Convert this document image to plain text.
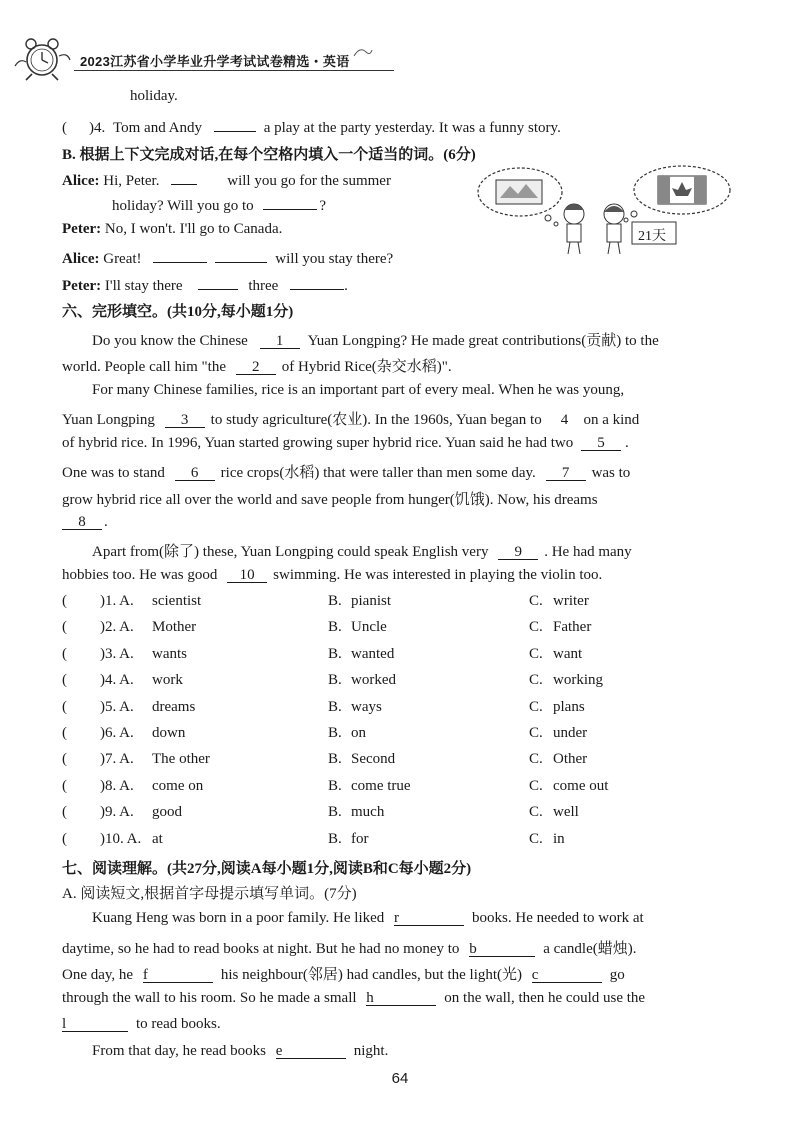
2023江苏省小学毕业升学考试试卷精选・英语
holiday.
( )4. Tom and Andy	a play at the party yesterday. It was a funny story.
B. 根据上下文完成对话,在每个空格内填入一个适当的词。(6分)
Alice: Hi, Peter.	will you go for the summer
holiday? Will you go to	?
Peter: No, I won't. I'll go to Canada.
Alice: Great!	will you stay there?
Peter: I'll stay there	three	.
21天
六、完形填空。(共10分,每小题1分)
Do you know the Chinese 1 Yuan Longping? He made great contributions(贡献) to the
world. People call him "the 2 of Hybrid Rice(杂交水稻)".
For many Chinese families, rice is an important part of every meal. When he was young,
Yuan Longping 3 to study agriculture(农业). In the 1960s, Yuan began to 4 on a kind
of hybrid rice. In 1996, Yuan started growing super hybrid rice. Yuan said he had two 5 .
One was to stand 6 rice crops(水稻) that were taller than men some day. 7 was to
grow hybrid rice all over the world and save people from hunger(饥饿). Now, his dreams
8 .
Apart from(除了) these, Yuan Longping could speak English very 9 . He had many
hobbies too. He was good 10 swimming. He was interested in playing the violin too.
( )1. A. scientist	B. pianist	C. writer
( )2. A. Mother	B. Uncle	C. Father
( )3. A. wants	B. wanted	C. want
( )4. A. work	B. worked	C. working
( )5. A. dreams	B. ways	C. plans
( )6. A. down	B. on	C. under
( )7. A. The other	B. Second	C. Other
( )8. A. come on	B. come true	C. come out
( )9. A. good	B. much	C. well
( )10. A. at	B. for	C. in
七、阅读理解。(共27分,阅读A每小题1分,阅读B和C每小题2分)
A. 阅读短文,根据首字母提示填写单词。(7分)
Kuang Heng was born in a poor family. He liked r	books. He needed to work at
daytime, so he had to read books at night. But he had no money to b	a candle(蜡烛).
One day, he f	his neighbour(邻居) had candles, but the light(光) c	go
through the wall to his room. So he made a small h	on the wall, then he could use the
l	to read books.
From that day, he read books e	night.
64
